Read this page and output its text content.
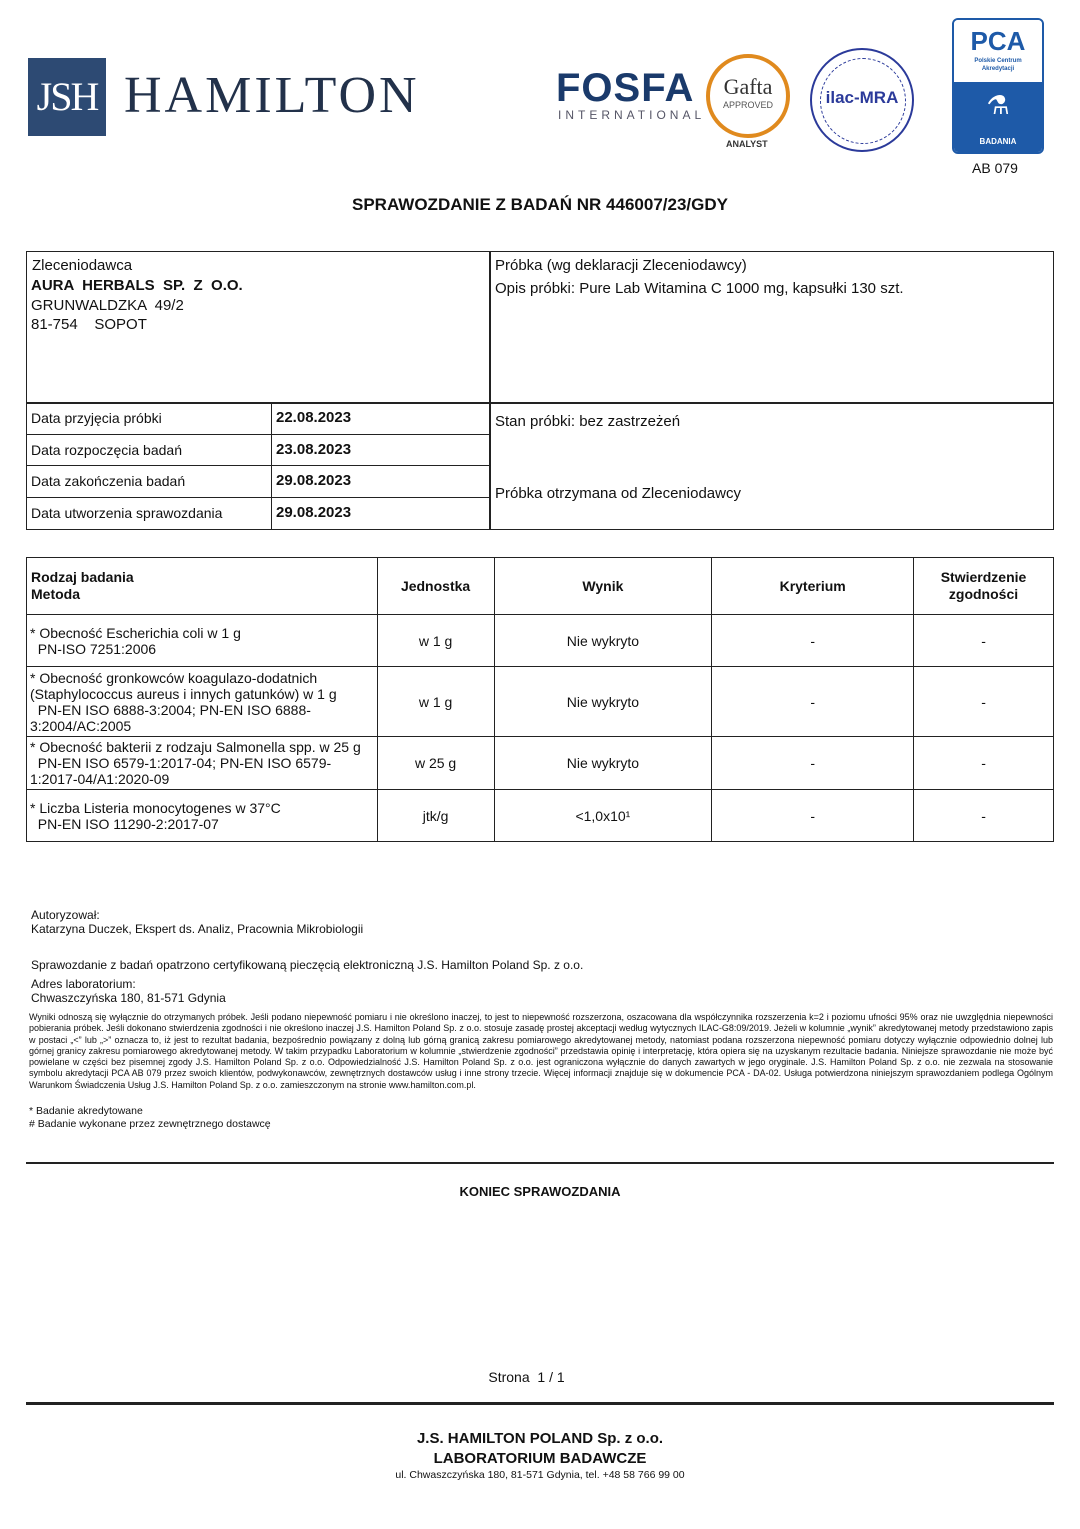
JSH HAMILTON	FOSFA
INTERNATIONAL
Gafta
APPROVED
ANALYST
ilac-MRA
PCA
Polskie Centrum
Akredytacji
⚗
BADANIA
AB 079
SPRAWOZDANIE Z BADAŃ NR 446007/23/GDY
Zleceniodawca
AURA  HERBALS  SP.  Z  O.O.
GRUNWALDZKA  49/2
81-754    SOPOT
Próbka (wg deklaracji Zleceniodawcy)
Opis próbki: Pure Lab Witamina C 1000 mg, kapsułki 130 szt.
Stan próbki: bez zastrzeżeń
Próbka otrzymana od Zleceniodawcy
Data przyjęcia próbki	22.08.2023
Data rozpoczęcia badań	23.08.2023
Data zakończenia badań	29.08.2023
Data utworzenia sprawozdania	29.08.2023
Rodzaj badania
Metoda	Jednostka	Wynik	Kryterium	Stwierdzenie zgodności

* Obecność Escherichia coli w 1 g
PN-ISO 7251:2006	w 1 g	Nie wykryto	-	-

* Obecność gronkowców koagulazo-dodatnich (Staphylococcus aureus i innych gatunków) w 1 g
PN-EN ISO 6888-3:2004; PN-EN ISO 6888-3:2004/AC:2005	w 1 g	Nie wykryto	-	-

* Obecność bakterii z rodzaju Salmonella spp. w 25 g
PN-EN ISO 6579-1:2017-04; PN-EN ISO 6579-1:2017-04/A1:2020-09	w 25 g	Nie wykryto	-	-

* Liczba Listeria monocytogenes w 37°C
PN-EN ISO 11290-2:2017-07	jtk/g	<1,0x10¹	-	-
Autoryzował:
Katarzyna Duczek, Ekspert ds. Analiz, Pracownia Mikrobiologii
Sprawozdanie z badań opatrzono certyfikowaną pieczęcią elektroniczną J.S. Hamilton Poland Sp. z o.o.
Adres laboratorium:
Chwaszczyńska 180, 81-571 Gdynia
Wyniki odnoszą się wyłącznie do otrzymanych próbek. Jeśli podano niepewność pomiaru i nie określono inaczej, to jest to niepewność rozszerzona, oszacowana dla współczynnika rozszerzenia k=2 i poziomu ufności 95% oraz nie uwzględnia niepewności pobierania próbek. Jeśli dokonano stwierdzenia zgodności i nie określono inaczej J.S. Hamilton Poland Sp. z o.o. stosuje zasadę prostej akceptacji według wytycznych ILAC-G8:09/2019. Jeżeli w kolumnie „wynik” akredytowanej metody przedstawiono zapis w postaci „<” lub „>” oznacza to, iż jest to rezultat badania, bezpośrednio powiązany z dolną lub górną granicą zakresu pomiarowego akredytowanej metody, natomiast podana rozszerzona niepewność pomiaru dotyczy wyłącznie odpowiednio dolnej lub górnej granicy zakresu pomiarowego akredytowanej metody. W takim przypadku Laboratorium w kolumnie „stwierdzenie zgodności” przedstawia opinię i interpretację, która opiera się na uzyskanym rezultacie badania. Niniejsze sprawozdanie nie może być powielane w części bez pisemnej zgody J.S. Hamilton Poland Sp. z o.o. Odpowiedzialność J.S. Hamilton Poland Sp. z o.o. jest ograniczona wyłącznie do danych zawartych w jego oryginale. J.S. Hamilton Poland Sp. z o.o. nie zezwala na stosowanie symbolu akredytacji PCA AB 079 przez swoich klientów, podwykonawców, zewnętrznych dostawców usług i inne strony trzecie. Więcej informacji znajduje się w dokumencie PCA - DA-02. Usługa potwierdzona niniejszym sprawozdaniem podlega Ogólnym Warunkom Świadczenia Usług J.S. Hamilton Poland Sp. z o.o. zamieszczonym na stronie www.hamilton.com.pl.
* Badanie akredytowane
# Badanie wykonane przez zewnętrznego dostawcę
KONIEC SPRAWOZDANIA
Strona  1 / 1
J.S. HAMILTON POLAND Sp. z o.o.
LABORATORIUM BADAWCZE
ul. Chwaszczyńska 180, 81-571 Gdynia, tel. +48 58 766 99 00
